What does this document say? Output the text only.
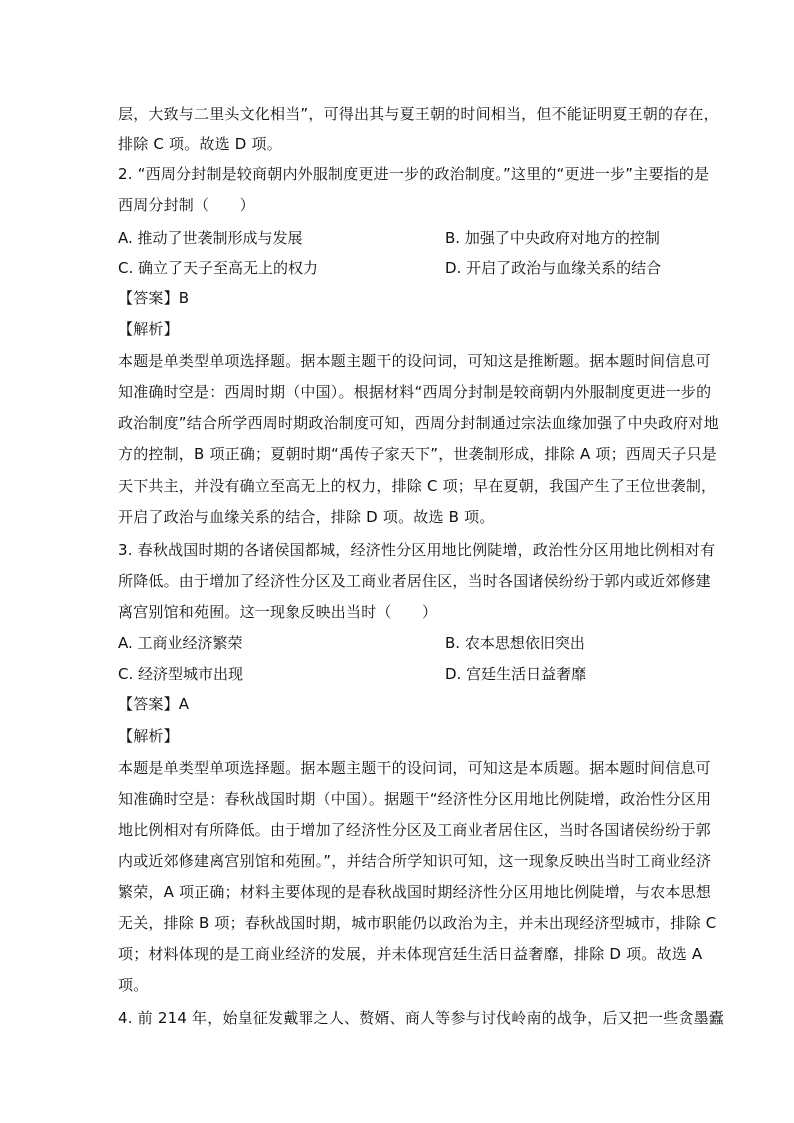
层，大致与二里头文化相当”，可得出其与夏王朝的时间相当，但不能证明夏王朝的存在，
排除 C 项。故选 D 项。
2. “西周分封制是较商朝内外服制度更进一步的政治制度。”这里的“更进一步”主要指的是
西周分封制（　　）
A. 推动了世袭制形成与发展	B. 加强了中央政府对地方的控制
C. 确立了天子至高无上的权力	D. 开启了政治与血缘关系的结合
【答案】B
【解析】
本题是单类型单项选择题。据本题主题干的设问词，可知这是推断题。据本题时间信息可
知准确时空是：西周时期（中国）。根据材料“西周分封制是较商朝内外服制度更进一步的
政治制度”结合所学西周时期政治制度可知，西周分封制通过宗法血缘加强了中央政府对地
方的控制，B 项正确；夏朝时期“禹传子家天下”，世袭制形成，排除 A 项；西周天子只是
天下共主，并没有确立至高无上的权力，排除 C 项；早在夏朝，我国产生了王位世袭制，
开启了政治与血缘关系的结合，排除 D 项。故选 B 项。
3. 春秋战国时期的各诸侯国都城，经济性分区用地比例陡增，政治性分区用地比例相对有
所降低。由于增加了经济性分区及工商业者居住区，当时各国诸侯纷纷于郭内或近郊修建
离宫别馆和苑囿。这一现象反映出当时（　　）
A. 工商业经济繁荣	B. 农本思想依旧突出
C. 经济型城市出现	D. 宫廷生活日益奢靡
【答案】A
【解析】
本题是单类型单项选择题。据本题主题干的设问词，可知这是本质题。据本题时间信息可
知准确时空是：春秋战国时期（中国）。据题干“经济性分区用地比例陡增，政治性分区用
地比例相对有所降低。由于增加了经济性分区及工商业者居住区，当时各国诸侯纷纷于郭
内或近郊修建离宫别馆和苑囿。”，并结合所学知识可知，这一现象反映出当时工商业经济
繁荣，A 项正确；材料主要体现的是春秋战国时期经济性分区用地比例陡增，与农本思想
无关，排除 B 项；春秋战国时期，城市职能仍以政治为主，并未出现经济型城市，排除 C
项；材料体现的是工商业经济的发展，并未体现宫廷生活日益奢靡，排除 D 项。故选 A
项。
4. 前 214 年，始皇征发戴罪之人、赘婿、商人等参与讨伐岭南的战争，后又把一些贪墨蠹
